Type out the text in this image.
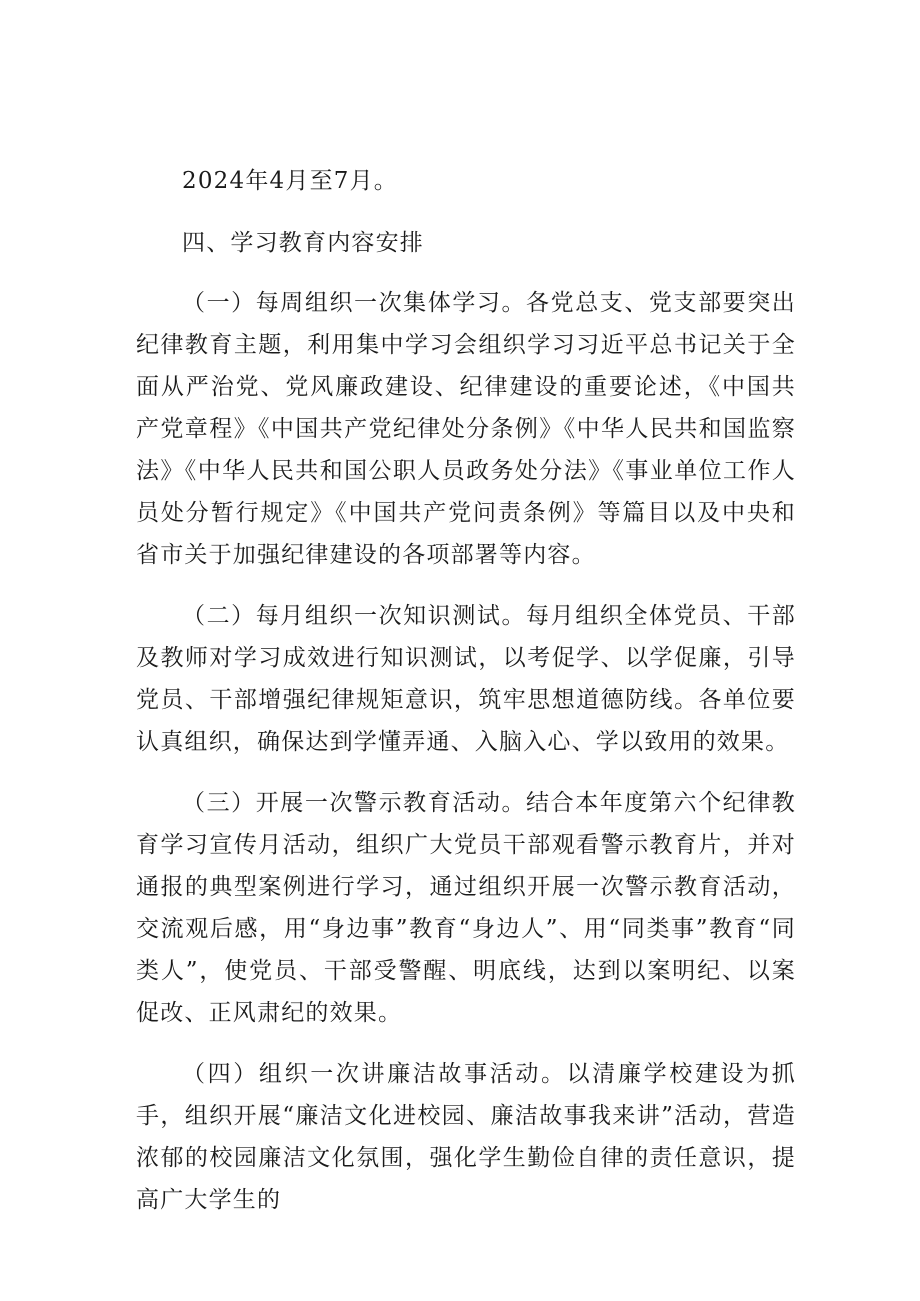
2024年4月至7月。

四、学习教育内容安排

（一）每周组织一次集体学习。各党总支、党支部要突出纪律教育主题，利用集中学习会组织学习习近平总书记关于全面从严治党、党风廉政建设、纪律建设的重要论述，《中国共产党章程》《中国共产党纪律处分条例》《中华人民共和国监察法》《中华人民共和国公职人员政务处分法》《事业单位工作人员处分暂行规定》《中国共产党问责条例》等篇目以及中央和省市关于加强纪律建设的各项部署等内容。

（二）每月组织一次知识测试。每月组织全体党员、干部及教师对学习成效进行知识测试，以考促学、以学促廉，引导党员、干部增强纪律规矩意识，筑牢思想道德防线。各单位要认真组织，确保达到学懂弄通、入脑入心、学以致用的效果。

（三）开展一次警示教育活动。结合本年度第六个纪律教育学习宣传月活动，组织广大党员干部观看警示教育片，并对通报的典型案例进行学习，通过组织开展一次警示教育活动，交流观后感，用“身边事”教育“身边人”、用“同类事”教育“同类人”，使党员、干部受警醒、明底线，达到以案明纪、以案促改、正风肃纪的效果。

（四）组织一次讲廉洁故事活动。以清廉学校建设为抓手，组织开展“廉洁文化进校园、廉洁故事我来讲”活动，营造浓郁的校园廉洁文化氛围，强化学生勤俭自律的责任意识，提高广大学生的
